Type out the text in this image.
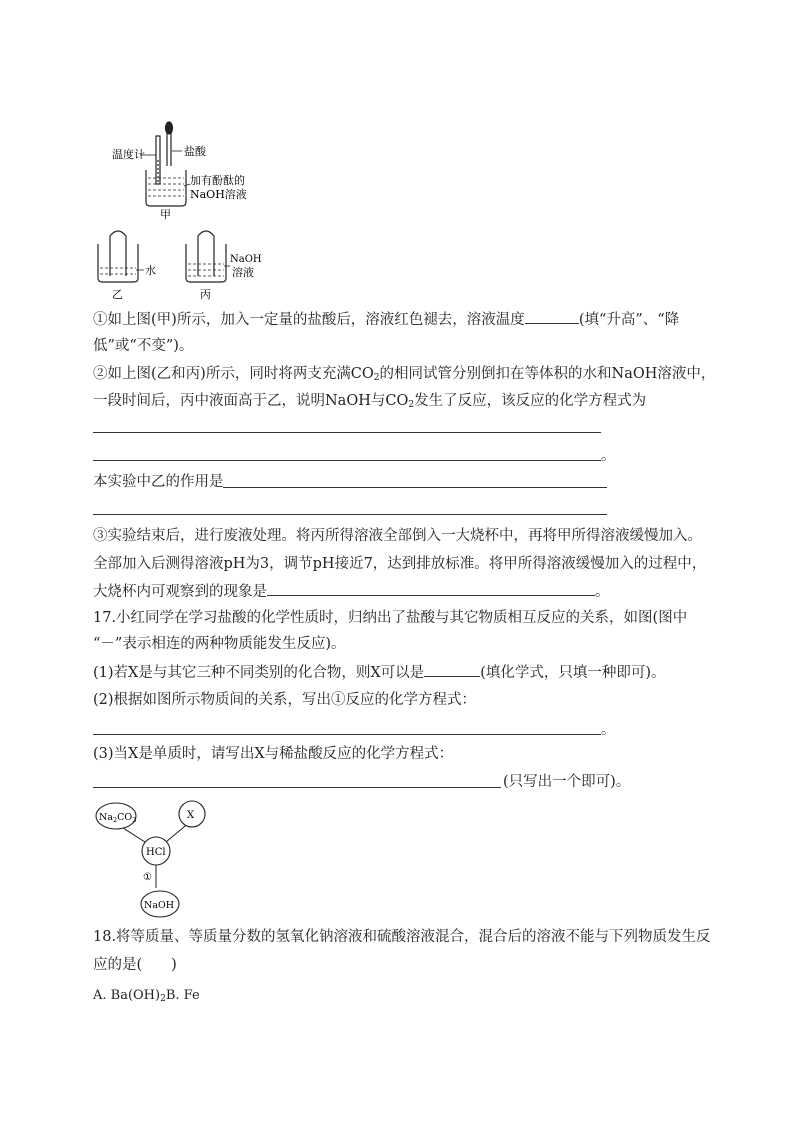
温度计	盐酸
加有酚酞的
NaOH溶液
甲
水
乙
NaOH
溶液
丙
①如上图(甲)所示，加入一定量的盐酸后，溶液红色褪去，溶液温度	(填“升高”、“降
低”或“不变”)。
②如上图(乙和丙)所示，同时将两支充满$CO_2$的相同试管分别倒扣在等体积的水和NaOH溶液中，
一段时间后，丙中液面高于乙，说明NaOH与$CO_2$发生了反应，该反应的化学方程式为
。
本实验中乙的作用是
③实验结束后，进行废液处理。将丙所得溶液全部倒入一大烧杯中，再将甲所得溶液缓慢加入。
全部加入后测得溶液pH为3，调节pH接近7，达到排放标准。将甲所得溶液缓慢加入的过程中，
大烧杯内可观察到的现象是	。
17.小红同学在学习盐酸的化学性质时，归纳出了盐酸与其它物质相互反应的关系，如图(图中
“－”表示相连的两种物质能发生反应)。
(1)若X是与其它三种不同类别的化合物，则X可以是	(填化学式，只填一种即可)。
(2)根据如图所示物质间的关系，写出①反应的化学方程式：
。
(3)当X是单质时，请写出X与稀盐酸反应的化学方程式：
(只写出一个即可)。
$Na_2CO_3$	X
HCl
①
NaOH
18.将等质量、等质量分数的氢氧化钠溶液和硫酸溶液混合，混合后的溶液不能与下列物质发生反
应的是(　　)
A. $Ba(OH)_2B$. Fe
